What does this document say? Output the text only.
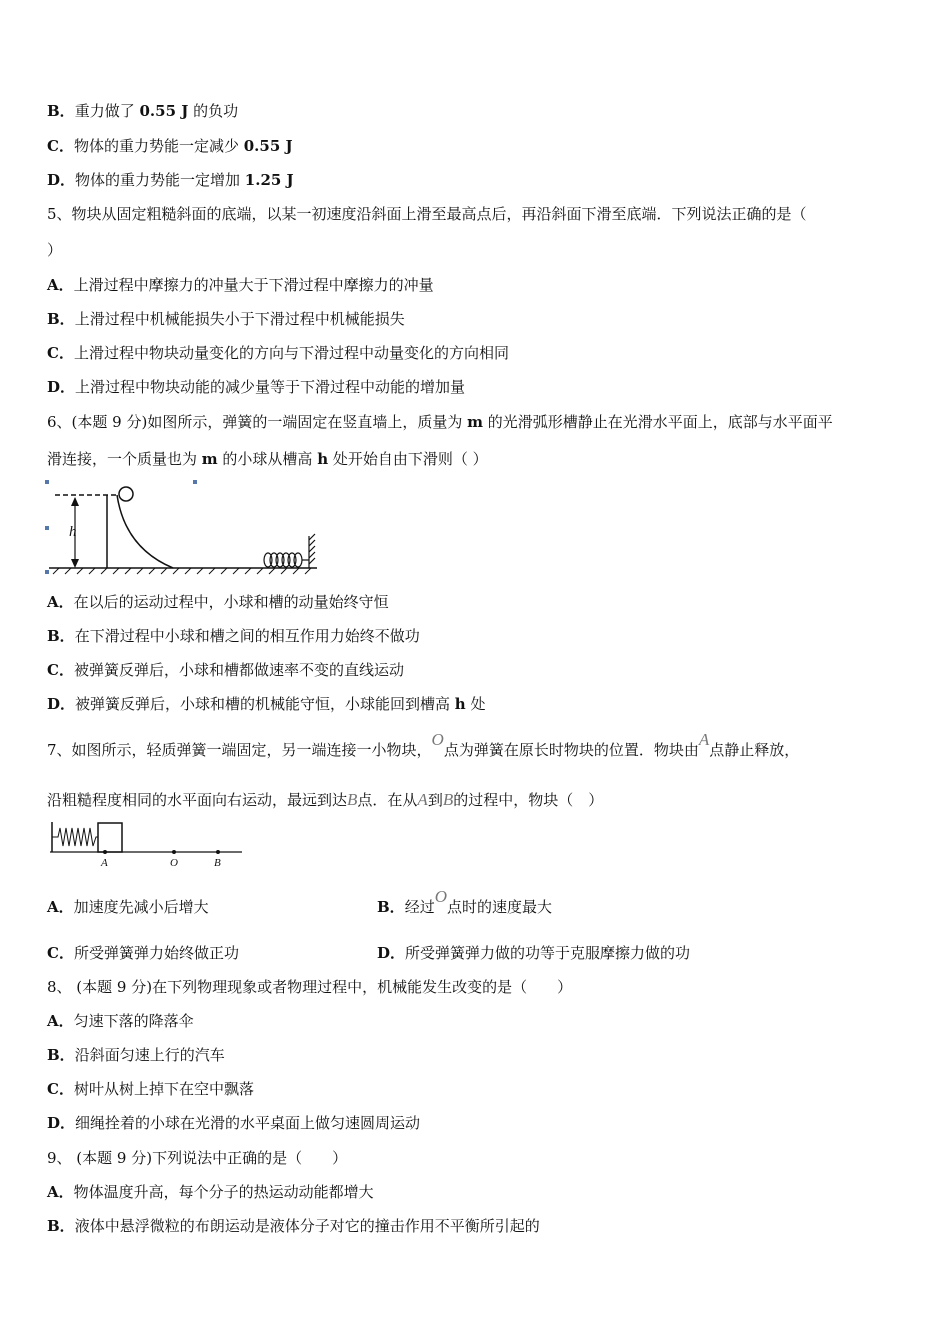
B．重力做了 0.55 J 的负功
C．物体的重力势能一定减少 0.55 J
D．物体的重力势能一定增加 1.25 J
5、物块从固定粗糙斜面的底端，以某一初速度沿斜面上滑至最高点后，再沿斜面下滑至底端．下列说法正确的是（
）
A．上滑过程中摩擦力的冲量大于下滑过程中摩擦力的冲量
B．上滑过程中机械能损失小于下滑过程中机械能损失
C．上滑过程中物块动量变化的方向与下滑过程中动量变化的方向相同
D．上滑过程中物块动能的减少量等于下滑过程中动能的增加量
6、(本题 9 分)如图所示，弹簧的一端固定在竖直墙上，质量为 m 的光滑弧形槽静止在光滑水平面上，底部与水平面平
滑连接，一个质量也为 m 的小球从槽高 h 处开始自由下滑则（ ）
h
A．在以后的运动过程中，小球和槽的动量始终守恒
B．在下滑过程中小球和槽之间的相互作用力始终不做功
C．被弹簧反弹后，小球和槽都做速率不变的直线运动
D．被弹簧反弹后，小球和槽的机械能守恒，小球能回到槽高 h 处
7、如图所示，轻质弹簧一端固定，另一端连接一小物块，O点为弹簧在原长时物块的位置．物块由A点静止释放，
沿粗糙程度相同的水平面向右运动，最远到达B点．在从A到B的过程中，物块（　）
A	O	B
A．加速度先减小后增大	B．经过O点时的速度最大
C．所受弹簧弹力始终做正功	D．所受弹簧弹力做的功等于克服摩擦力做的功
8、 (本题 9 分)在下列物理现象或者物理过程中，机械能发生改变的是（　　）
A．匀速下落的降落伞
B．沿斜面匀速上行的汽车
C．树叶从树上掉下在空中飘落
D．细绳拴着的小球在光滑的水平桌面上做匀速圆周运动
9、 (本题 9 分)下列说法中正确的是（　　）
A．物体温度升高，每个分子的热运动动能都增大
B．液体中悬浮微粒的布朗运动是液体分子对它的撞击作用不平衡所引起的
